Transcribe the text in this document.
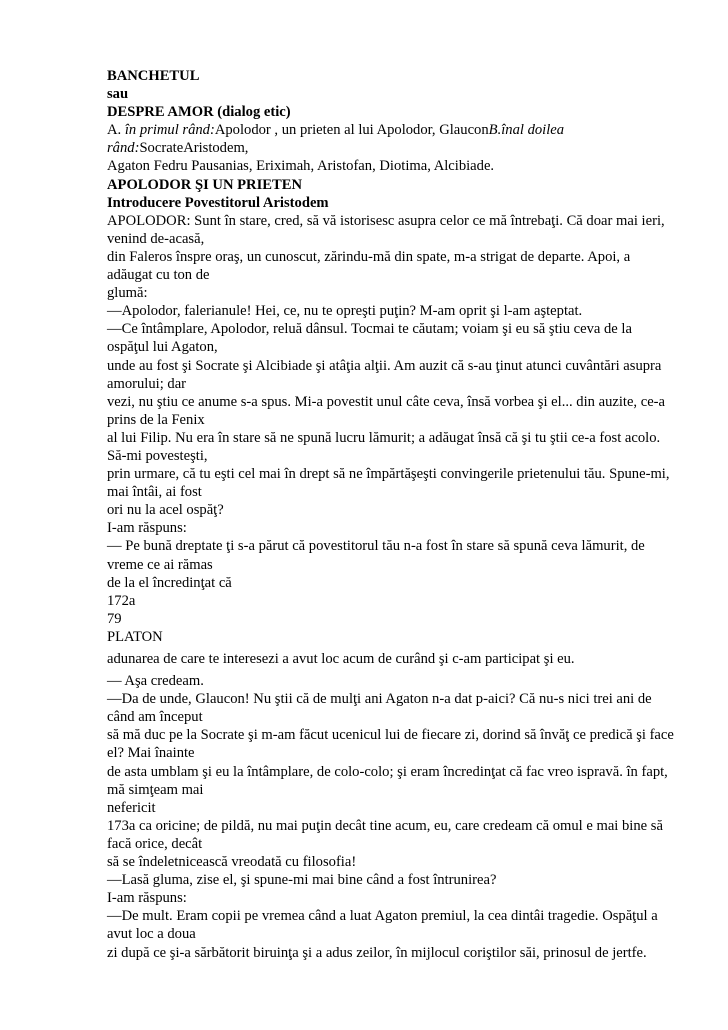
BANCHETUL
sau
DESPRE AMOR (dialog etic)
A. în primul rând:Apolodor , un prieten al lui Apolodor, GlauconB.înal doilea
rând:SocrateAristodem,
Agaton Fedru Pausanias, Eriximah, Aristofan, Diotima, Alcibiade.
APOLODOR ŞI UN PRIETEN
Introducere Povestitorul Aristodem
APOLODOR: Sunt în stare, cred, să vă istorisesc asupra celor ce mă întrebaţi. Că doar mai ieri,
venind de-acasă,
din Faleros înspre oraş, un cunoscut, zărindu-mă din spate, m-a strigat de departe. Apoi, a
adăugat cu ton de
glumă:
—Apolodor, falerianule! Hei, ce, nu te opreşti puţin? M-am oprit şi l-am aşteptat.
—Ce întâmplare, Apolodor, reluă dânsul. Tocmai te căutam; voiam şi eu să ştiu ceva de la
ospăţul lui Agaton,
unde au fost şi Socrate şi Alcibiade şi atâţia alţii. Am auzit că s-au ţinut atunci cuvântări asupra
amorului; dar
vezi, nu ştiu ce anume s-a spus. Mi-a povestit unul câte ceva, însă vorbea şi el... din auzite, ce-a
prins de la Fenix
al lui Filip. Nu era în stare să ne spună lucru lămurit; a adăugat însă că şi tu ştii ce-a fost acolo.
Să-mi povesteşti,
prin urmare, că tu eşti cel mai în drept să ne împărtăşeşti convingerile prietenului tău. Spune-mi,
mai întâi, ai fost
ori nu la acel ospăţ?
I-am răspuns:
— Pe bună dreptate ţi s-a părut că povestitorul tău n-a fost în stare să spună ceva lămurit, de
vreme ce ai rămas
de la el încredinţat că
172a
79
PLATON
adunarea de care te interesezi a avut loc acum de curând şi c-am participat şi eu.
— Aşa credeam.
—Da de unde, Glaucon! Nu ştii că de mulţi ani Agaton n-a dat p-aici? Că nu-s nici trei ani de
când am început
să mă duc pe la Socrate şi m-am făcut ucenicul lui de fiecare zi, dorind să învăţ ce predică şi face
el? Mai înainte
de asta umblam şi eu la întâmplare, de colo-colo; şi eram încredinţat că fac vreo ispravă. în fapt,
mă simţeam mai
nefericit
173a ca oricine; de pildă, nu mai puţin decât tine acum, eu, care credeam că omul e mai bine să
facă orice, decât
să se îndeletnicească vreodată cu filosofia!
—Lasă gluma, zise el, şi spune-mi mai bine când a fost întrunirea?
I-am răspuns:
—De mult. Eram copii pe vremea când a luat Agaton premiul, la cea dintâi tragedie. Ospăţul a
avut loc a doua
zi după ce şi-a sărbătorit biruinţa şi a adus zeilor, în mijlocul coriştilor săi, prinosul de jertfe.
